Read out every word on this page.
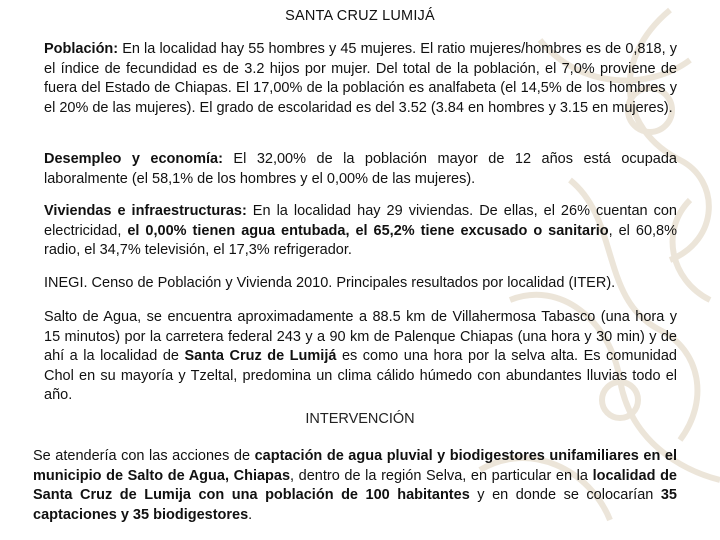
SANTA CRUZ LUMIJÁ

Población: En la localidad hay 55 hombres y 45 mujeres. El ratio mujeres/hombres es de 0,818, y el índice de fecundidad es de 3.2 hijos por mujer. Del total de la población, el 7,0% proviene de fuera del Estado de Chiapas. El 17,00% de la población es analfabeta (el 14,5% de los hombres y el 20% de las mujeres). El grado de escolaridad es del 3.52 (3.84 en hombres y 3.15 en mujeres).

Desempleo y economía: El 32,00% de la población mayor de 12 años está ocupada laboralmente (el 58,1% de los hombres y el 0,00% de las mujeres).

Viviendas e infraestructuras: En la localidad hay 29 viviendas. De ellas, el 26% cuentan con electricidad, el 0,00% tienen agua entubada, el 65,2% tiene excusado o sanitario, el 60,8% radio, el 34,7% televisión, el 17,3% refrigerador.

INEGI. Censo de Población y Vivienda 2010. Principales resultados por localidad (ITER).

Salto de Agua, se encuentra aproximadamente a 88.5 km de Villahermosa Tabasco (una hora y 15 minutos) por la carretera federal 243 y a 90 km de Palenque Chiapas (una hora y 30 min) y de ahí a la localidad de Santa Cruz de Lumijá es como una hora por la selva alta. Es comunidad Chol en su mayoría y Tzeltal, predomina un clima cálido húmedo con abundantes lluvias todo el año.

INTERVENCIÓN

Se atendería con las acciones de captación de agua pluvial y biodigestores unifamiliares en el municipio de Salto de Agua, Chiapas, dentro de la región Selva, en particular en la localidad de Santa Cruz de Lumija con una población de 100 habitantes y en donde se colocarían 35 captaciones y 35 biodigestores.
